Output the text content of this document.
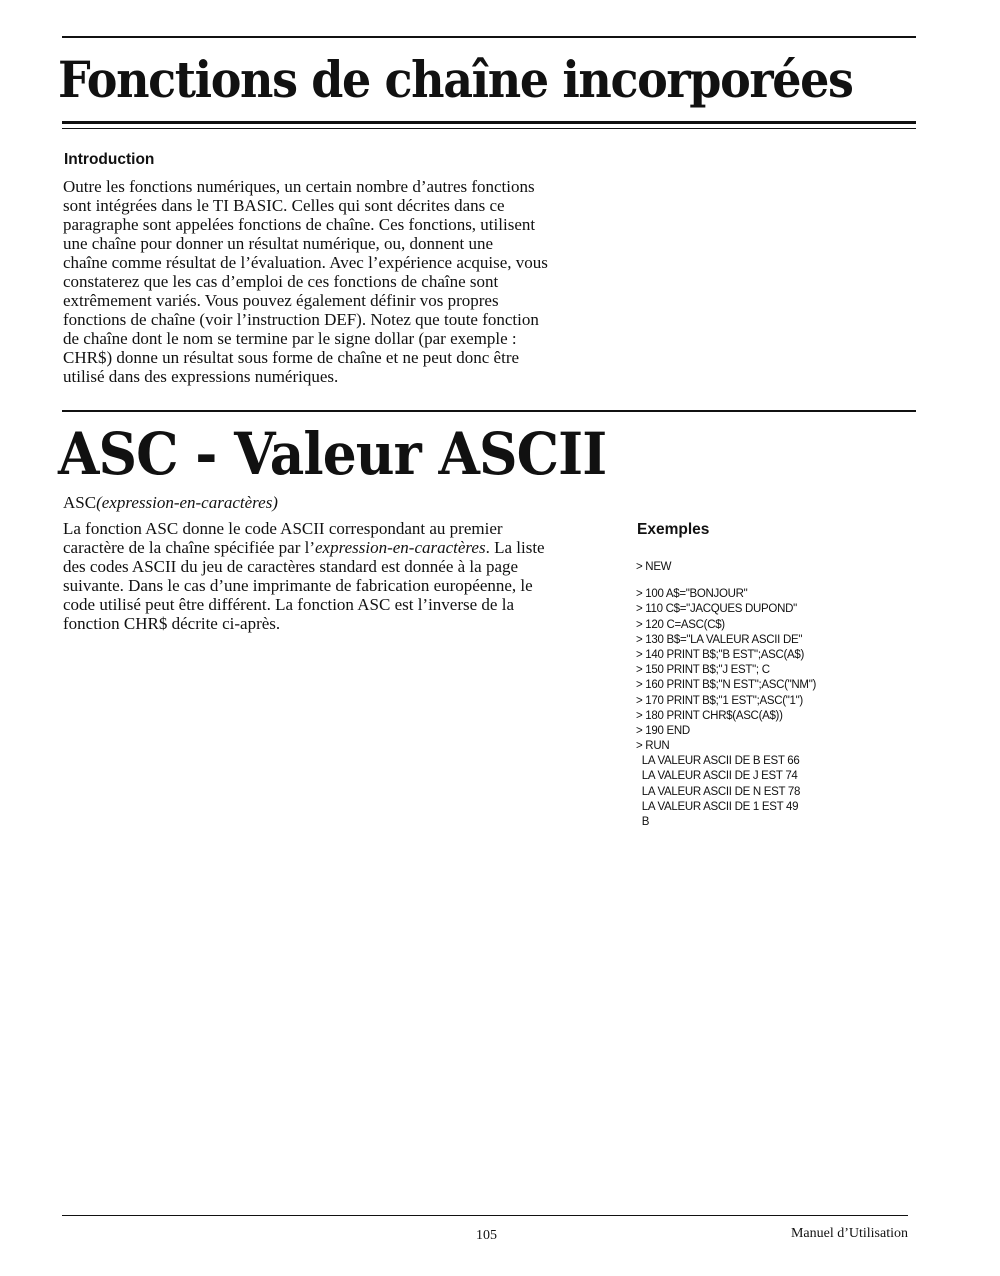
Fonctions de chaîne incorporées
Introduction
Outre les fonctions numériques, un certain nombre d’autres fonctions
sont intégrées dans le TI BASIC. Celles qui sont décrites dans ce
paragraphe sont appelées fonctions de chaîne. Ces fonctions, utilisent
une chaîne pour donner un résultat numérique, ou, donnent une
chaîne comme résultat de l’évaluation. Avec l’expérience acquise, vous
constaterez que les cas d’emploi de ces fonctions de chaîne sont
extrêmement variés. Vous pouvez également définir vos propres
fonctions de chaîne (voir l’instruction DEF). Notez que toute fonction
de chaîne dont le nom se termine par le signe dollar (par exemple :
CHR$) donne un résultat sous forme de chaîne et ne peut donc être
utilisé dans des expressions numériques.
ASC - Valeur ASCII
ASC(expression-en-caractères)
La fonction ASC donne le code ASCII correspondant au premier
caractère de la chaîne spécifiée par l’expression-en-caractères. La liste
des codes ASCII du jeu de caractères standard est donnée à la page
suivante. Dans le cas d’une imprimante de fabrication européenne, le
code utilisé peut être différent. La fonction ASC est l’inverse de la
fonction CHR$ décrite ci-après.
Exemples
> NEW
> 100 A$="BONJOUR"
> 110 C$="JACQUES DUPOND"
> 120 C=ASC(C$)
> 130 B$="LA VALEUR ASCII DE"
> 140 PRINT B$;"B EST";ASC(A$)
> 150 PRINT B$;"J EST"; C
> 160 PRINT B$;"N EST";ASC("NM")
> 170 PRINT B$;"1 EST";ASC("1")
> 180 PRINT CHR$(ASC(A$))
> 190 END
> RUN
LA VALEUR ASCII DE B EST 66
LA VALEUR ASCII DE J EST 74
LA VALEUR ASCII DE N EST 78
LA VALEUR ASCII DE 1 EST 49
B
105	Manuel d’Utilisation
